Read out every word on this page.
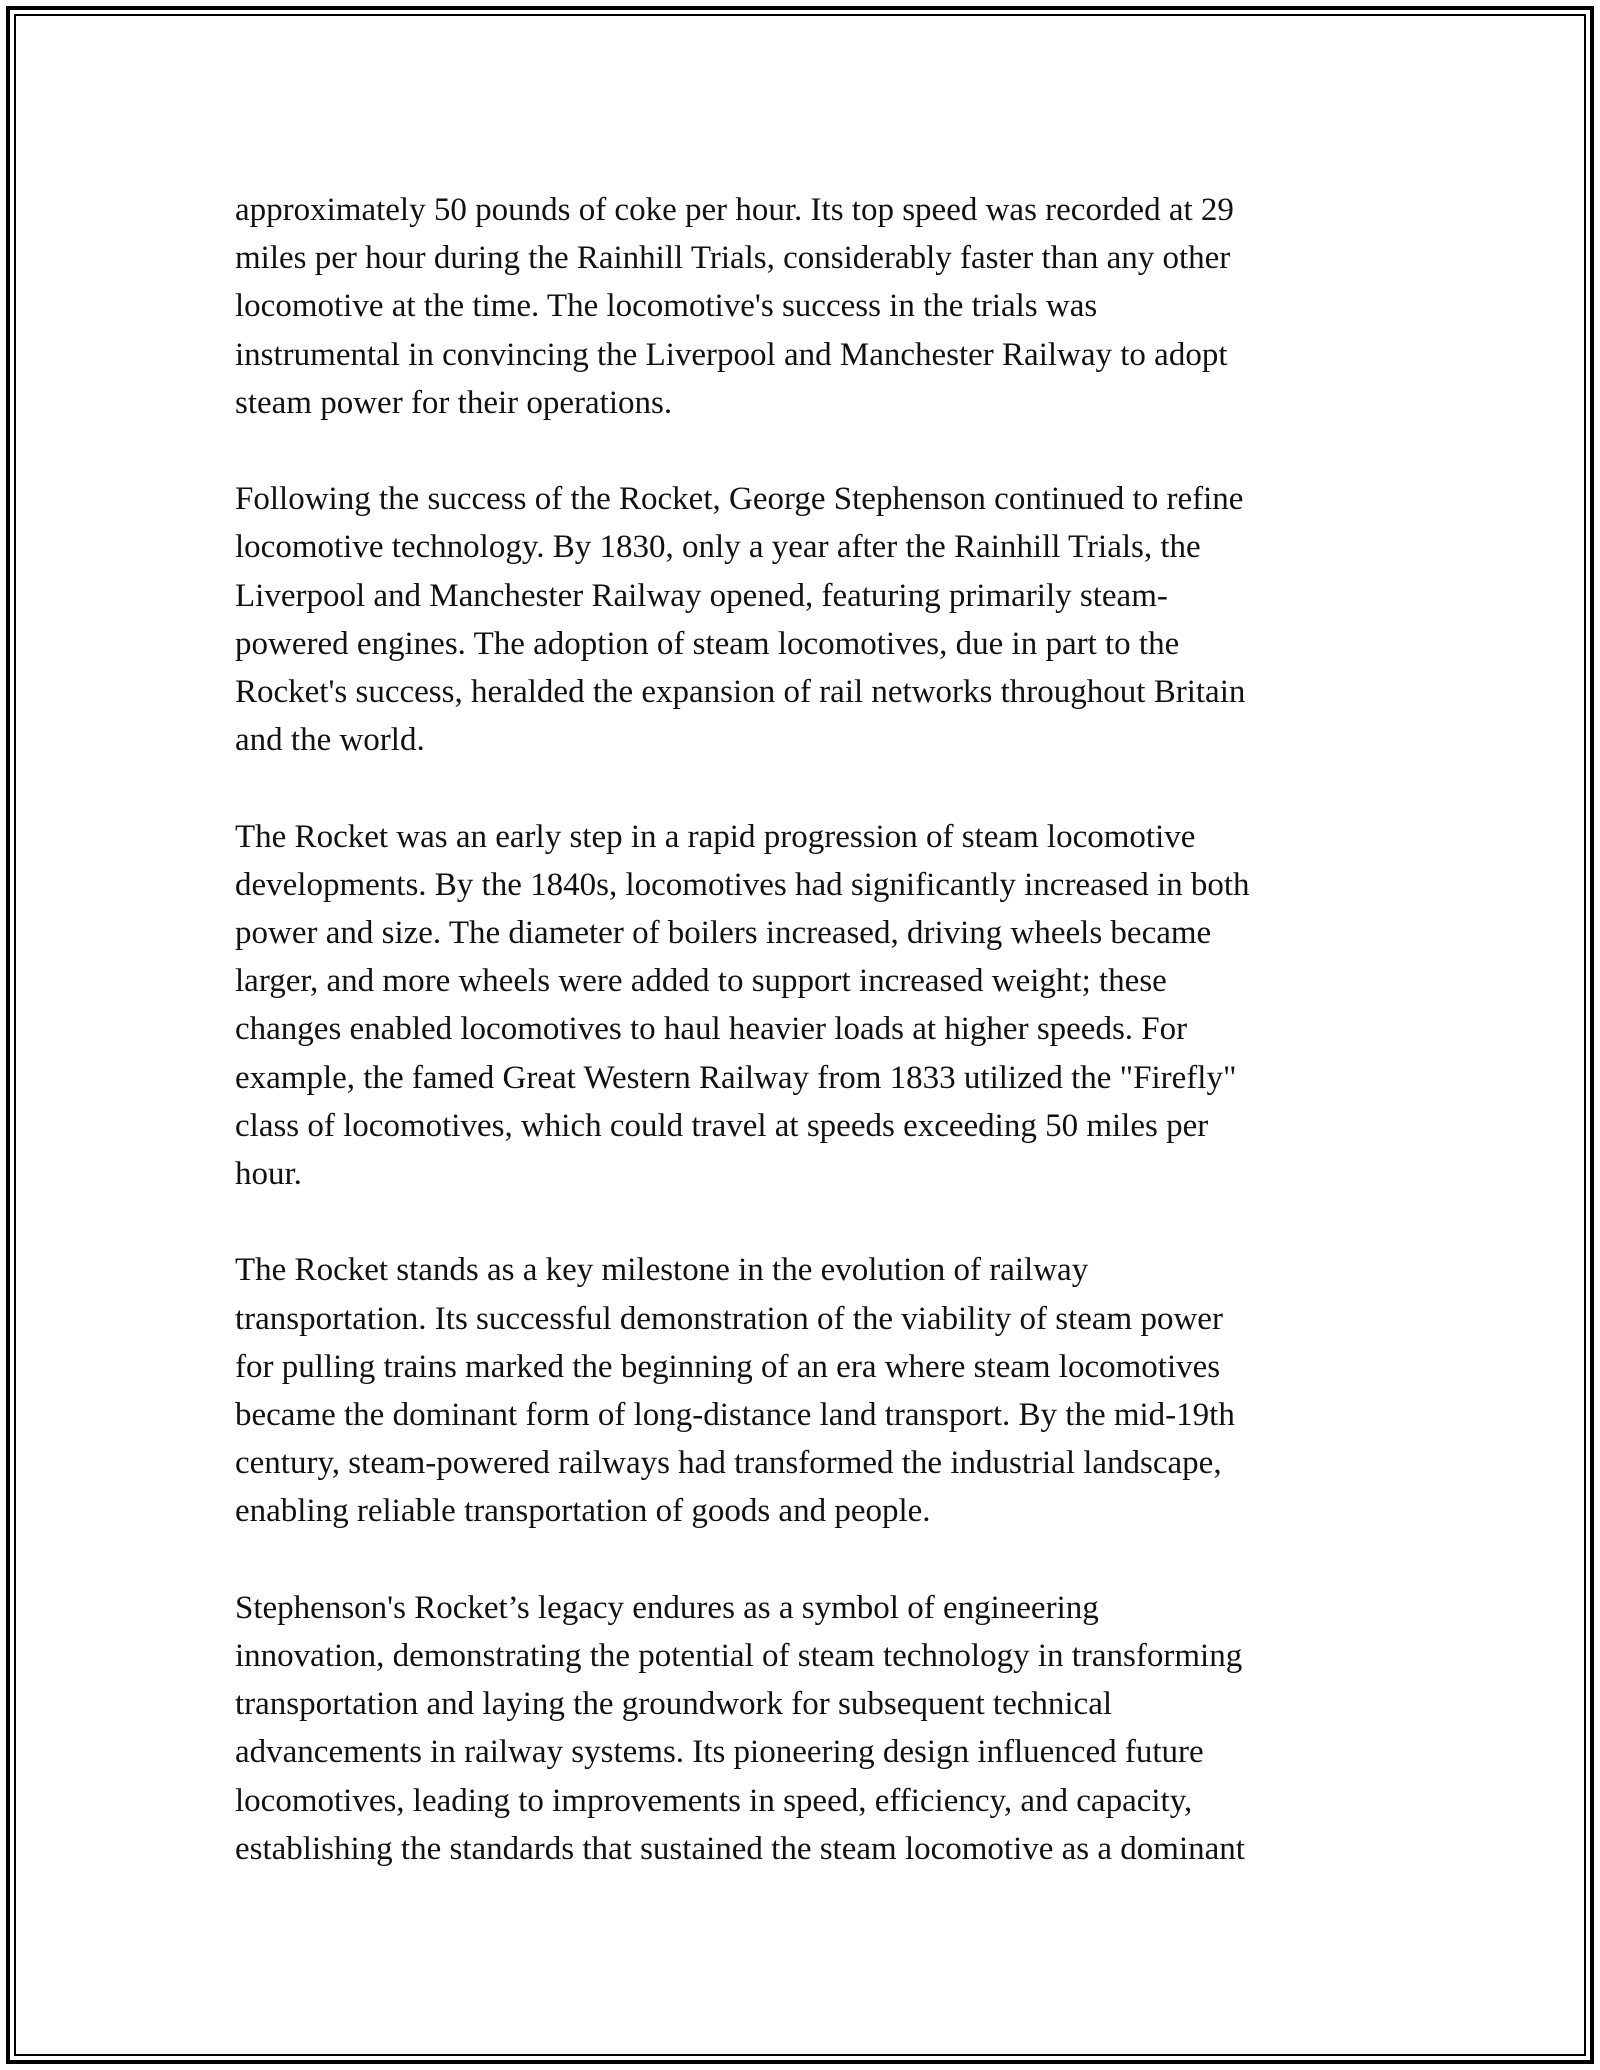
approximately 50 pounds of coke per hour. Its top speed was recorded at 29
miles per hour during the Rainhill Trials, considerably faster than any other
locomotive at the time. The locomotive's success in the trials was
instrumental in convincing the Liverpool and Manchester Railway to adopt
steam power for their operations.

Following the success of the Rocket, George Stephenson continued to refine
locomotive technology. By 1830, only a year after the Rainhill Trials, the
Liverpool and Manchester Railway opened, featuring primarily steam-
powered engines. The adoption of steam locomotives, due in part to the
Rocket's success, heralded the expansion of rail networks throughout Britain
and the world.

The Rocket was an early step in a rapid progression of steam locomotive
developments. By the 1840s, locomotives had significantly increased in both
power and size. The diameter of boilers increased, driving wheels became
larger, and more wheels were added to support increased weight; these
changes enabled locomotives to haul heavier loads at higher speeds. For
example, the famed Great Western Railway from 1833 utilized the "Firefly"
class of locomotives, which could travel at speeds exceeding 50 miles per
hour.

The Rocket stands as a key milestone in the evolution of railway
transportation. Its successful demonstration of the viability of steam power
for pulling trains marked the beginning of an era where steam locomotives
became the dominant form of long-distance land transport. By the mid-19th
century, steam-powered railways had transformed the industrial landscape,
enabling reliable transportation of goods and people.

Stephenson's Rocket’s legacy endures as a symbol of engineering
innovation, demonstrating the potential of steam technology in transforming
transportation and laying the groundwork for subsequent technical
advancements in railway systems. Its pioneering design influenced future
locomotives, leading to improvements in speed, efficiency, and capacity,
establishing the standards that sustained the steam locomotive as a dominant
